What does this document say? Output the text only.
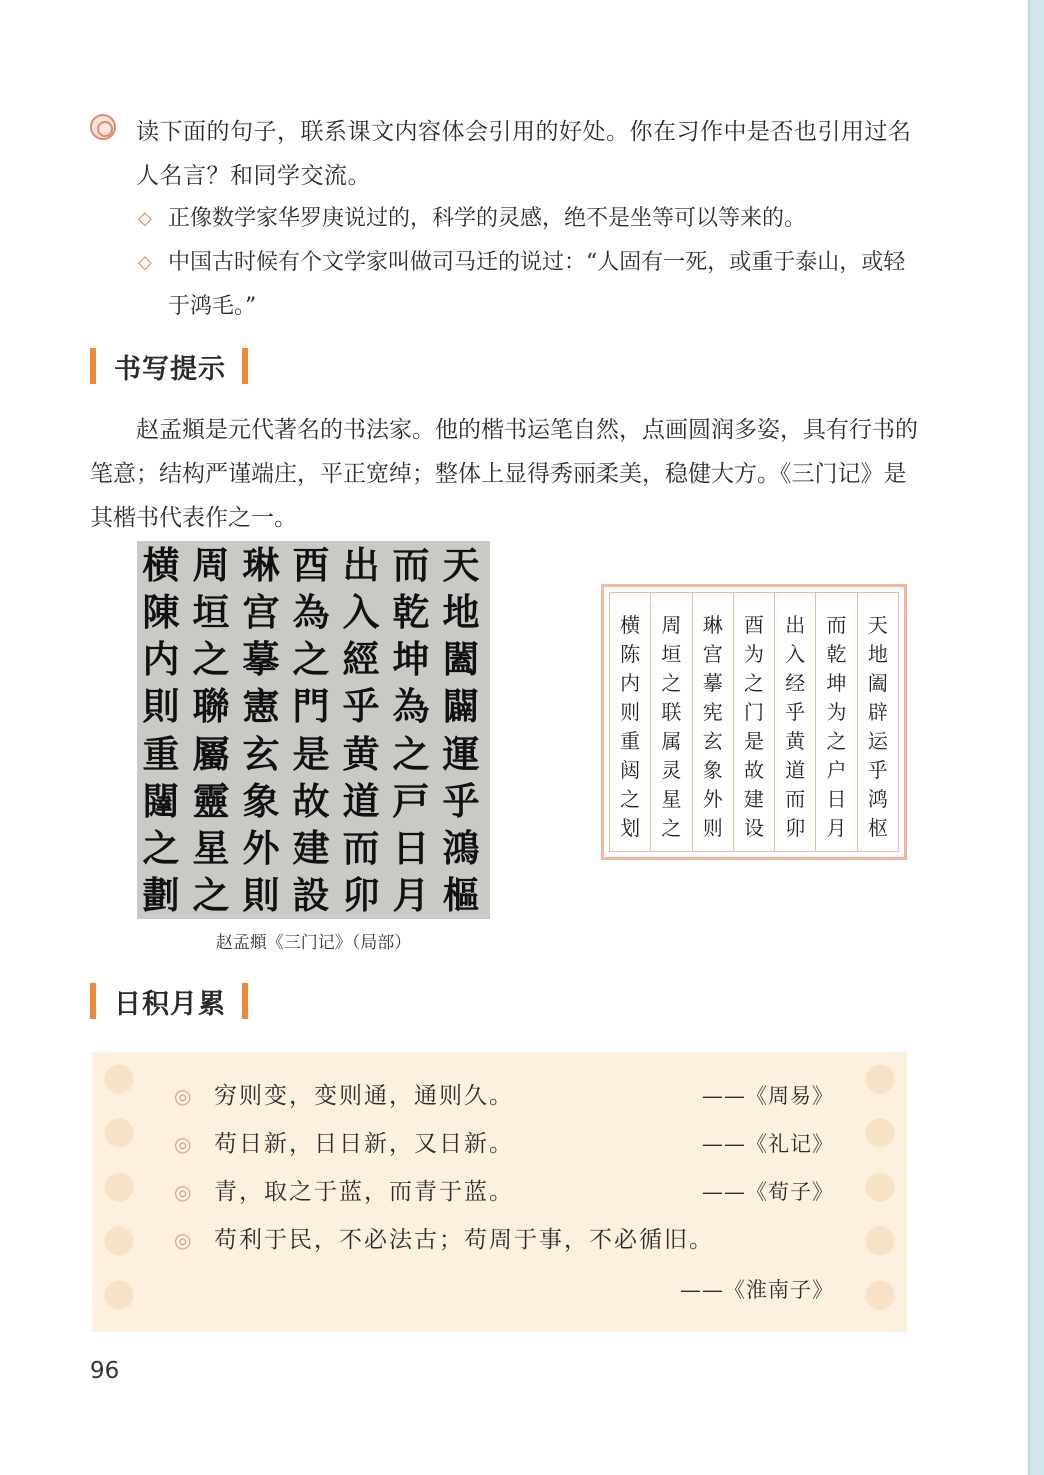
读下面的句子，联系课文内容体会引用的好处。你在习作中是否也引用过名人名言？和同学交流。
◇ 正像数学家华罗庚说过的，科学的灵感，绝不是坐等可以等来的。
◇ 中国古时候有个文学家叫做司马迁的说过：“人固有一死，或重于泰山，或轻于鸿毛。”
书写提示
赵孟頫是元代著名的书法家。他的楷书运笔自然，点画圆润多姿，具有行书的笔意；结构严谨端庄，平正宽绰；整体上显得秀丽柔美，稳健大方。《三门记》是其楷书代表作之一。
天
地
闔
闢
運
乎
鴻
樞
而
乾
坤
為
之
戸
日
月
出
入
經
乎
黄
道
而
卯
酉
為
之
門
是
故
建
設
琳
宫
摹
憲
玄
象
外
則
周
垣
之
聯
屬
靈
星
之
横
陳
内
則
重
闥
之
劃
赵孟頫《三门记》（局部）
横
陈
内
则
重
闼
之
划
周
垣
之
联
属
灵
星
之
琳
宫
摹
宪
玄
象
外
则
酉
为
之
门
是
故
建
设
出
入
经
乎
黄
道
而
卯
而
乾
坤
为
之
户
日
月
天
地
阖
辟
运
乎
鸿
枢
日积月累
◎ 穷则变，变则通，通则久。	——《周易》
◎ 苟日新，日日新，又日新。	——《礼记》
◎ 青，取之于蓝，而青于蓝。	——《荀子》
◎ 苟利于民，不必法古；苟周于事，不必循旧。
——《淮南子》
96
